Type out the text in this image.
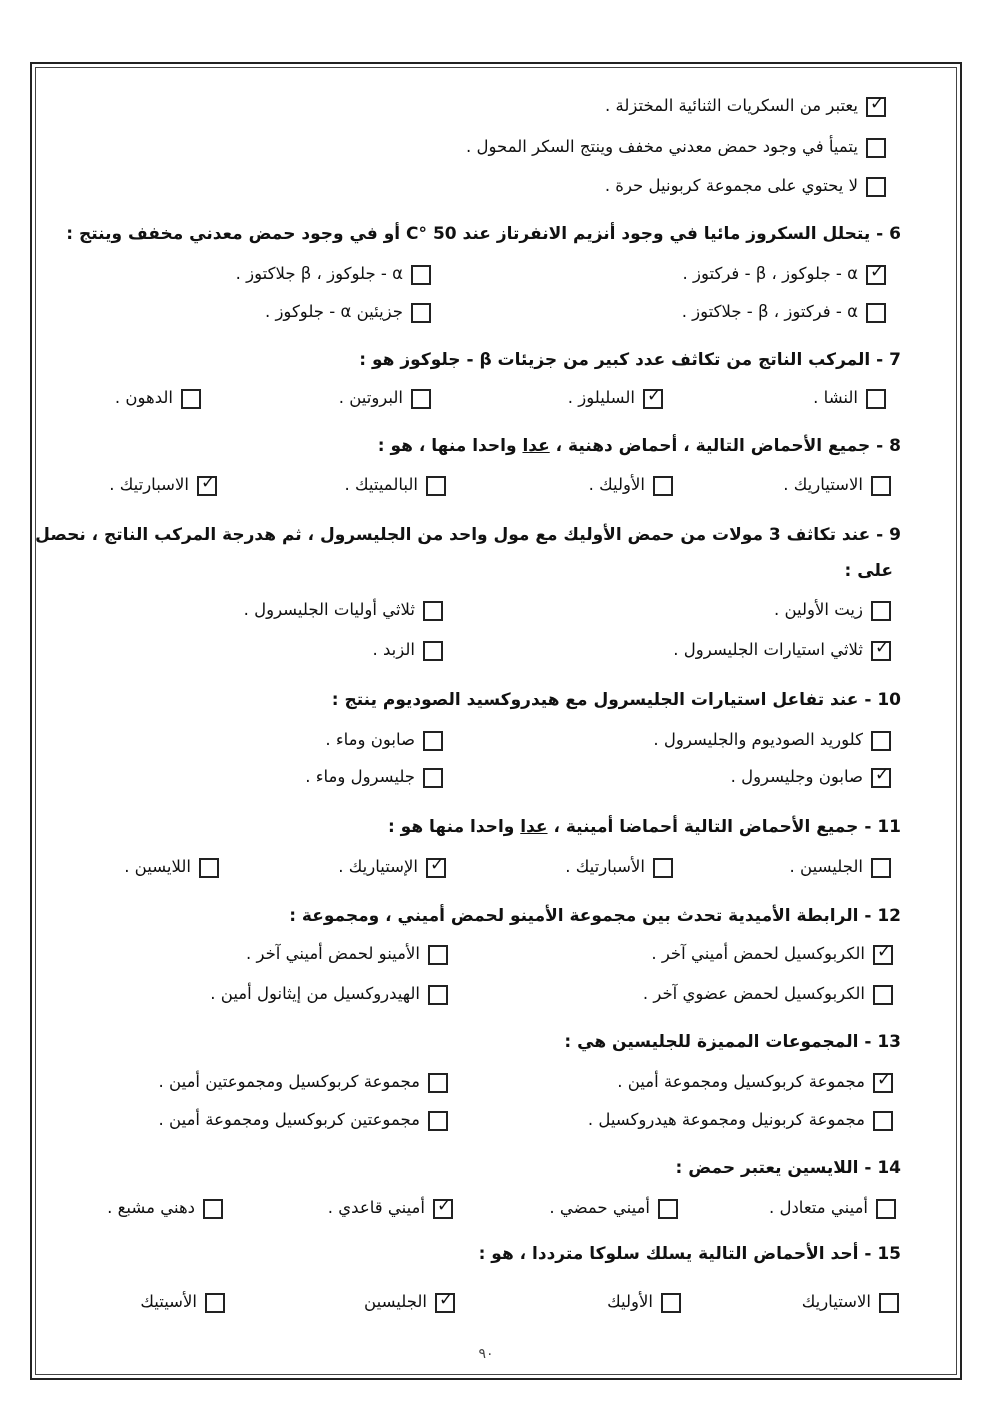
✓يعتبر من السكريات الثنائية المختزلة .
يتميأ في وجود حمض معدني مخفف وينتج السكر المحول .
لا يحتوي على مجموعة كربونيل حرة .
6 - يتحلل السكروز مائيا في وجود أنزيم الانفرتاز عند 50 °C أو في وجود حمض معدني مخفف وينتج :
✓α - جلوكوز ، β - فركتوز .
α - جلوكوز ، β جلاكتوز .
α - فركتوز ، β - جلاكتوز .
جزيئين α - جلوكوز .
7 - المركب الناتج من تكاثف عدد كبير من جزيئات β - جلوكوز هو :
النشا .
✓السليلوز .
البروتين .
الدهون .
8 - جميع الأحماض التالية ، أحماض دهنية ، عدا واحدا منها ، هو :
الاستياريك .
الأوليك .
البالميتيك .
✓الاسبارتيك .
9 - عند تكاثف 3 مولات من حمض الأوليك مع مول واحد من الجليسرول ، ثم هدرجة المركب الناتج ، نحصل
على :
زيت الأولين .
ثلاثي أوليات الجليسرول .
✓ثلاثي استيارات الجليسرول .
الزبد .
10 - عند تفاعل استيارات الجليسرول مع هيدروكسيد الصوديوم ينتج :
كلوريد الصوديوم والجليسرول .
صابون وماء .
✓صابون وجليسرول .
جليسرول وماء .
11 - جميع الأحماض التالية أحماضا أمينية ، عدا واحدا منها هو :
الجليسين .
الأسبارتيك .
✓الإستياريك .
اللايسين .
12 - الرابطة الأميدية تحدث بين مجموعة الأمينو لحمض أميني ، ومجموعة :
✓الكربوكسيل لحمض أميني آخر .
الأمينو لحمض أميني آخر .
الكربوكسيل لحمض عضوي آخر .
الهيدروكسيل من إيثانول أمين .
13 - المجموعات المميزة للجليسين هي :
✓مجموعة كربوكسيل ومجموعة أمين .
مجموعة كربوكسيل ومجموعتين أمين .
مجموعة كربونيل ومجموعة هيدروكسيل .
مجموعتين كربوكسيل ومجموعة أمين .
14 - اللايسين يعتبر حمض :
أميني متعادل .
أميني حمضي .
✓أميني قاعدي .
دهني مشبع .
15 - أحد الأحماض التالية يسلك سلوكا مترددا ، هو :
الاستياريك
الأوليك
✓الجليسين
الأسيتيك
٩٠
